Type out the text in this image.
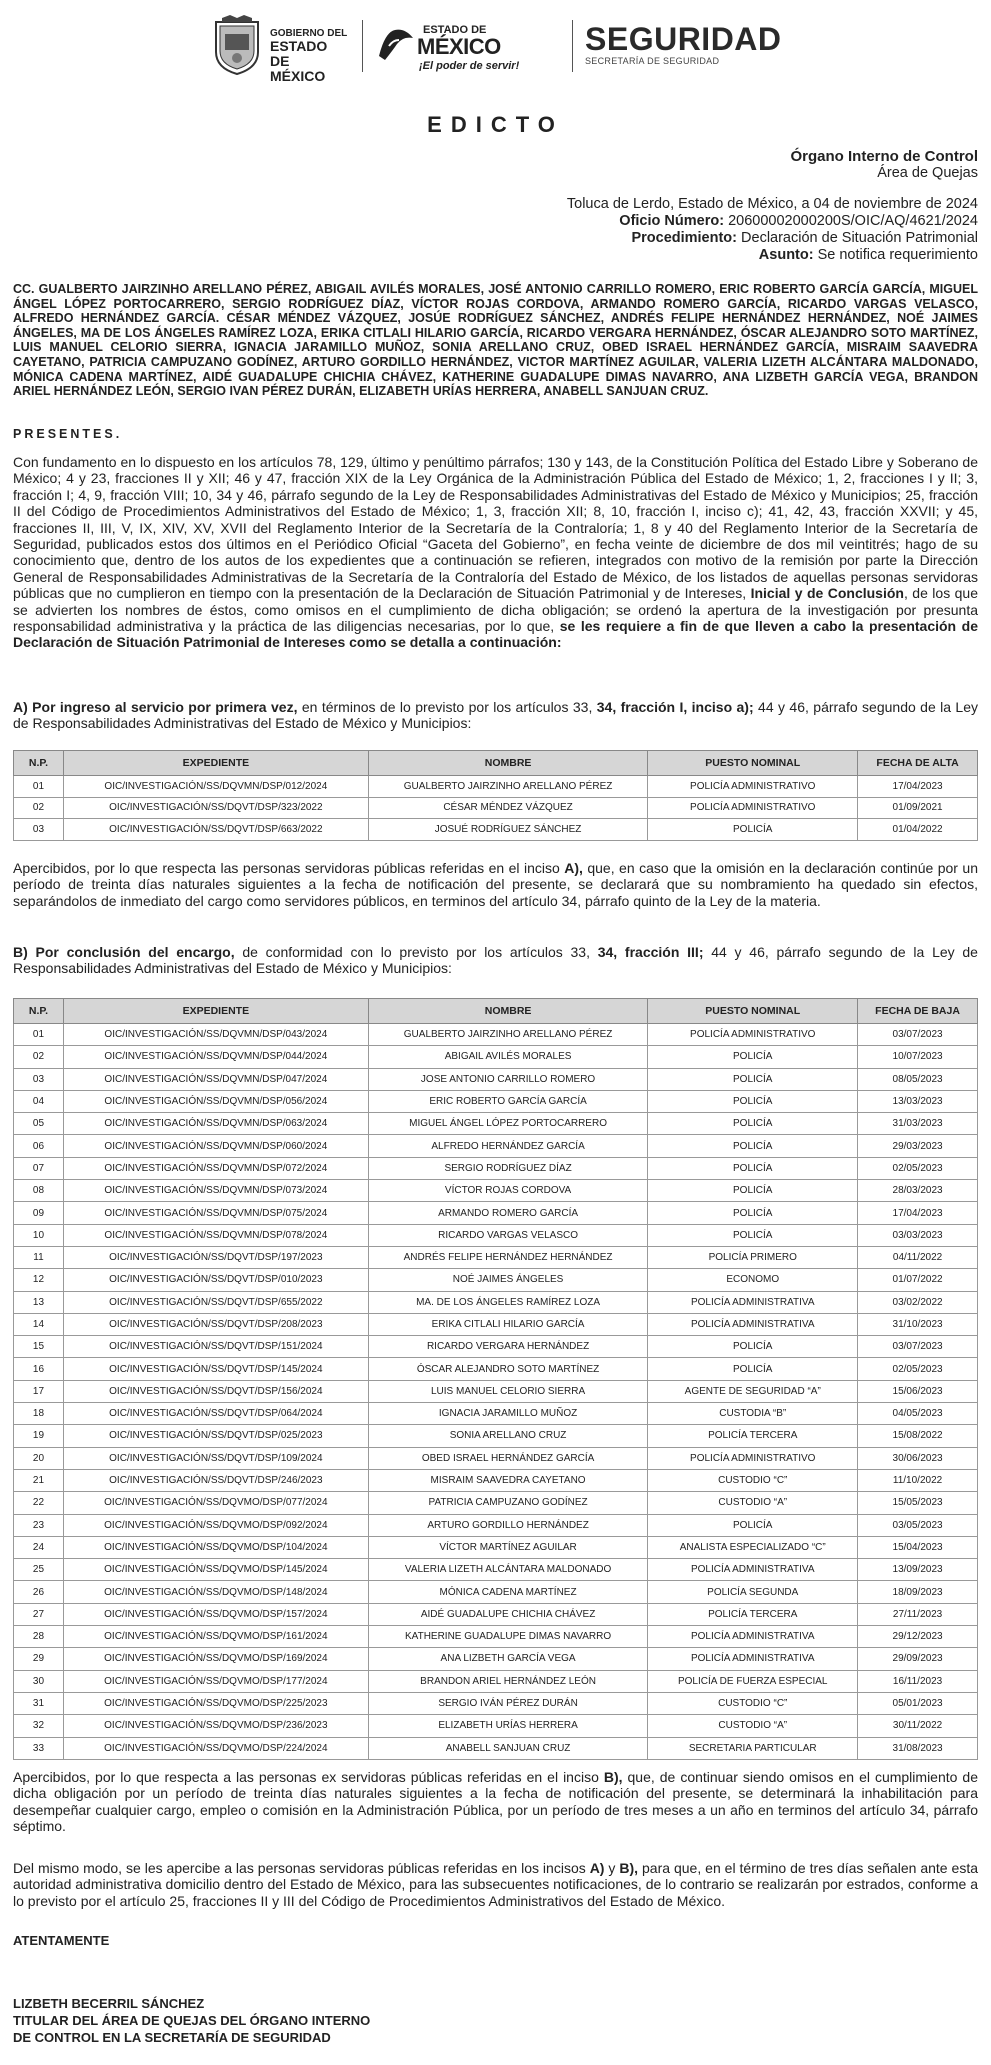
GOBIERNO DEL
ESTADO DE
MÉXICO
ESTADO DE
MÉXICO
¡El poder de servir!
SEGURIDAD
SECRETARÍA DE SEGURIDAD
EDICTO
Órgano Interno de Control
Área de Quejas
Toluca de Lerdo, Estado de México, a 04 de noviembre de 2024
Oficio Número: 20600002000200S/OIC/AQ/4621/2024
Procedimiento: Declaración de Situación Patrimonial
Asunto: Se notifica requerimiento
CC. GUALBERTO JAIRZINHO ARELLANO PÉREZ, ABIGAIL AVILÉS MORALES, JOSÉ ANTONIO CARRILLO ROMERO, ERIC ROBERTO GARCÍA GARCÍA, MIGUEL ÁNGEL LÓPEZ PORTOCARRERO, SERGIO RODRÍGUEZ DÍAZ, VÍCTOR ROJAS CORDOVA, ARMANDO ROMERO GARCÍA, RICARDO VARGAS VELASCO, ALFREDO HERNÁNDEZ GARCÍA. CÉSAR MÉNDEZ VÁZQUEZ, JOSÚE RODRÍGUEZ SÁNCHEZ, ANDRÉS FELIPE HERNÁNDEZ HERNÁNDEZ, NOÉ JAIMES ÁNGELES, MA DE LOS ÁNGELES RAMÍREZ LOZA, ERIKA CITLALI HILARIO GARCÍA, RICARDO VERGARA HERNÁNDEZ, ÓSCAR ALEJANDRO SOTO MARTÍNEZ, LUIS MANUEL CELORIO SIERRA, IGNACIA JARAMILLO MUÑOZ, SONIA ARELLANO CRUZ, OBED ISRAEL HERNÁNDEZ GARCÍA, MISRAIM SAAVEDRA CAYETANO, PATRICIA CAMPUZANO GODÍNEZ, ARTURO GORDILLO HERNÁNDEZ, VICTOR MARTÍNEZ AGUILAR, VALERIA LIZETH ALCÁNTARA MALDONADO, MÓNICA CADENA MARTÍNEZ, AIDÉ GUADALUPE CHICHIA CHÁVEZ, KATHERINE GUADALUPE DIMAS NAVARRO, ANA LIZBETH GARCÍA VEGA, BRANDON ARIEL HERNÁNDEZ LEÓN, SERGIO IVAN PÉREZ DURÁN, ELIZABETH URÍAS HERRERA, ANABELL SANJUAN CRUZ.
PRESENTES.
Con fundamento en lo dispuesto en los artículos 78, 129, último y penúltimo párrafos; 130 y 143, de la Constitución Política del Estado Libre y Soberano de México; 4 y 23, fracciones II y XII; 46 y 47, fracción XIX de la Ley Orgánica de la Administración Pública del Estado de México; 1, 2, fracciones I y II; 3, fracción I; 4, 9, fracción VIII; 10, 34 y 46, párrafo segundo de la Ley de Responsabilidades Administrativas del Estado de México y Municipios; 25, fracción II del Código de Procedimientos Administrativos del Estado de México; 1, 3, fracción XII; 8, 10, fracción I, inciso c); 41, 42, 43, fracción XXVII; y 45, fracciones II, III, V, IX, XIV, XV, XVII del Reglamento Interior de la Secretaría de la Contraloría; 1, 8 y 40 del Reglamento Interior de la Secretaría de Seguridad, publicados estos dos últimos en el Periódico Oficial “Gaceta del Gobierno”, en fecha veinte de diciembre de dos mil veintitrés; hago de su conocimiento que, dentro de los autos de los expedientes que a continuación se refieren, integrados con motivo de la remisión por parte la Dirección General de Responsabilidades Administrativas de la Secretaría de la Contraloría del Estado de México, de los listados de aquellas personas servidoras públicas que no cumplieron en tiempo con la presentación de la Declaración de Situación Patrimonial y de Intereses, Inicial y de Conclusión, de los que se advierten los nombres de éstos, como omisos en el cumplimiento de dicha obligación; se ordenó la apertura de la investigación por presunta responsabilidad administrativa y la práctica de las diligencias necesarias, por lo que, se les requiere a fin de que lleven a cabo la presentación de Declaración de Situación Patrimonial de Intereses como se detalla a continuación:
A) Por ingreso al servicio por primera vez, en términos de lo previsto por los artículos 33, 34, fracción I, inciso a); 44 y 46, párrafo segundo de la Ley de Responsabilidades Administrativas del Estado de México y Municipios:
N.P.	EXPEDIENTE	NOMBRE	PUESTO NOMINAL	FECHA DE ALTA
01	OIC/INVESTIGACIÓN/SS/DQVMN/DSP/012/2024	GUALBERTO JAIRZINHO ARELLANO PÉREZ	POLICÍA ADMINISTRATIVO	17/04/2023
02	OIC/INVESTIGACIÓN/SS/DQVT/DSP/323/2022	CÉSAR MÉNDEZ VÁZQUEZ	POLICÍA ADMINISTRATIVO	01/09/2021
03	OIC/INVESTIGACIÓN/SS/DQVT/DSP/663/2022	JOSUÉ RODRÍGUEZ SÁNCHEZ	POLICÍA	01/04/2022
Apercibidos, por lo que respecta las personas servidoras públicas referidas en el inciso A), que, en caso que la omisión en la declaración continúe por un período de treinta días naturales siguientes a la fecha de notificación del presente, se declarará que su nombramiento ha quedado sin efectos, separándolos de inmediato del cargo como servidores públicos, en terminos del artículo 34, párrafo quinto de la Ley de la materia.
B) Por conclusión del encargo, de conformidad con lo previsto por los artículos 33, 34, fracción III; 44 y 46, párrafo segundo de la Ley de Responsabilidades Administrativas del Estado de México y Municipios:
N.P.	EXPEDIENTE	NOMBRE	PUESTO NOMINAL	FECHA DE BAJA
01	OIC/INVESTIGACIÓN/SS/DQVMN/DSP/043/2024	GUALBERTO JAIRZINHO ARELLANO PÉREZ	POLICÍA ADMINISTRATIVO	03/07/2023
02	OIC/INVESTIGACIÓN/SS/DQVMN/DSP/044/2024	ABIGAIL AVILÉS MORALES	POLICÍA	10/07/2023
03	OIC/INVESTIGACIÓN/SS/DQVMN/DSP/047/2024	JOSE ANTONIO CARRILLO ROMERO	POLICÍA	08/05/2023
04	OIC/INVESTIGACIÓN/SS/DQVMN/DSP/056/2024	ERIC ROBERTO GARCÍA GARCÍA	POLICÍA	13/03/2023
05	OIC/INVESTIGACIÓN/SS/DQVMN/DSP/063/2024	MIGUEL ÁNGEL LÓPEZ PORTOCARRERO	POLICÍA	31/03/2023
06	OIC/INVESTIGACIÓN/SS/DQVMN/DSP/060/2024	ALFREDO HERNÁNDEZ GARCÍA	POLICÍA	29/03/2023
07	OIC/INVESTIGACIÓN/SS/DQVMN/DSP/072/2024	SERGIO RODRÍGUEZ DÍAZ	POLICÍA	02/05/2023
08	OIC/INVESTIGACIÓN/SS/DQVMN/DSP/073/2024	VÍCTOR ROJAS CORDOVA	POLICÍA	28/03/2023
09	OIC/INVESTIGACIÓN/SS/DQVMN/DSP/075/2024	ARMANDO ROMERO GARCÍA	POLICÍA	17/04/2023
10	OIC/INVESTIGACIÓN/SS/DQVMN/DSP/078/2024	RICARDO VARGAS VELASCO	POLICÍA	03/03/2023
11	OIC/INVESTIGACIÓN/SS/DQVT/DSP/197/2023	ANDRÉS FELIPE HERNÁNDEZ HERNÁNDEZ	POLICÍA PRIMERO	04/11/2022
12	OIC/INVESTIGACIÓN/SS/DQVT/DSP/010/2023	NOÉ JAIMES ÁNGELES	ECONOMO	01/07/2022
13	OIC/INVESTIGACIÓN/SS/DQVT/DSP/655/2022	MA. DE LOS ÁNGELES RAMÍREZ LOZA	POLICÍA ADMINISTRATIVA	03/02/2022
14	OIC/INVESTIGACIÓN/SS/DQVT/DSP/208/2023	ERIKA CITLALI HILARIO GARCÍA	POLICÍA ADMINISTRATIVA	31/10/2023
15	OIC/INVESTIGACIÓN/SS/DQVT/DSP/151/2024	RICARDO VERGARA HERNÁNDEZ	POLICÍA	03/07/2023
16	OIC/INVESTIGACIÓN/SS/DQVT/DSP/145/2024	ÓSCAR ALEJANDRO SOTO MARTÍNEZ	POLICÍA	02/05/2023
17	OIC/INVESTIGACIÓN/SS/DQVT/DSP/156/2024	LUIS MANUEL CELORIO SIERRA	AGENTE DE SEGURIDAD “A”	15/06/2023
18	OIC/INVESTIGACIÓN/SS/DQVT/DSP/064/2024	IGNACIA JARAMILLO MUÑOZ	CUSTODIA “B”	04/05/2023
19	OIC/INVESTIGACIÓN/SS/DQVT/DSP/025/2023	SONIA ARELLANO CRUZ	POLICÍA TERCERA	15/08/2022
20	OIC/INVESTIGACIÓN/SS/DQVT/DSP/109/2024	OBED ISRAEL HERNÁNDEZ GARCÍA	POLICÍA ADMINISTRATIVO	30/06/2023
21	OIC/INVESTIGACIÓN/SS/DQVT/DSP/246/2023	MISRAIM SAAVEDRA CAYETANO	CUSTODIO “C”	11/10/2022
22	OIC/INVESTIGACIÓN/SS/DQVMO/DSP/077/2024	PATRICIA CAMPUZANO GODÍNEZ	CUSTODIO “A”	15/05/2023
23	OIC/INVESTIGACIÓN/SS/DQVMO/DSP/092/2024	ARTURO GORDILLO HERNÁNDEZ	POLICÍA	03/05/2023
24	OIC/INVESTIGACIÓN/SS/DQVMO/DSP/104/2024	VÍCTOR MARTÍNEZ AGUILAR	ANALISTA ESPECIALIZADO “C”	15/04/2023
25	OIC/INVESTIGACIÓN/SS/DQVMO/DSP/145/2024	VALERIA LIZETH ALCÁNTARA MALDONADO	POLICÍA ADMINISTRATIVA	13/09/2023
26	OIC/INVESTIGACIÓN/SS/DQVMO/DSP/148/2024	MÓNICA CADENA MARTÍNEZ	POLICÍA SEGUNDA	18/09/2023
27	OIC/INVESTIGACIÓN/SS/DQVMO/DSP/157/2024	AIDÉ GUADALUPE CHICHIA CHÁVEZ	POLICÍA TERCERA	27/11/2023
28	OIC/INVESTIGACIÓN/SS/DQVMO/DSP/161/2024	KATHERINE GUADALUPE DIMAS NAVARRO	POLICÍA ADMINISTRATIVA	29/12/2023
29	OIC/INVESTIGACIÓN/SS/DQVMO/DSP/169/2024	ANA LIZBETH GARCÍA VEGA	POLICÍA ADMINISTRATIVA	29/09/2023
30	OIC/INVESTIGACIÓN/SS/DQVMO/DSP/177/2024	BRANDON ARIEL HERNÁNDEZ LEÓN	POLICÍA DE FUERZA ESPECIAL	16/11/2023
31	OIC/INVESTIGACIÓN/SS/DQVMO/DSP/225/2023	SERGIO IVÁN PÉREZ DURÁN	CUSTODIO “C”	05/01/2023
32	OIC/INVESTIGACIÓN/SS/DQVMO/DSP/236/2023	ELIZABETH URÍAS HERRERA	CUSTODIO “A”	30/11/2022
33	OIC/INVESTIGACIÓN/SS/DQVMO/DSP/224/2024	ANABELL SANJUAN CRUZ	SECRETARIA PARTICULAR	31/08/2023
Apercibidos, por lo que respecta a las personas ex servidoras públicas referidas en el inciso B), que, de continuar siendo omisos en el cumplimiento de dicha obligación por un período de treinta días naturales siguientes a la fecha de notificación del presente, se determinará la inhabilitación para desempeñar cualquier cargo, empleo o comisión en la Administración Pública, por un período de tres meses a un año en terminos del artículo 34, párrafo séptimo.
Del mismo modo, se les apercibe a las personas servidoras públicas referidas en los incisos A) y B), para que, en el término de tres días señalen ante esta autoridad administrativa domicilio dentro del Estado de México, para las subsecuentes notificaciones, de lo contrario se realizarán por estrados, conforme a lo previsto por el artículo 25, fracciones II y III del Código de Procedimientos Administrativos del Estado de México.
ATENTAMENTE
LIZBETH BECERRIL SÁNCHEZ
TITULAR DEL ÁREA DE QUEJAS DEL ÓRGANO INTERNO
DE CONTROL EN LA SECRETARÍA DE SEGURIDAD
